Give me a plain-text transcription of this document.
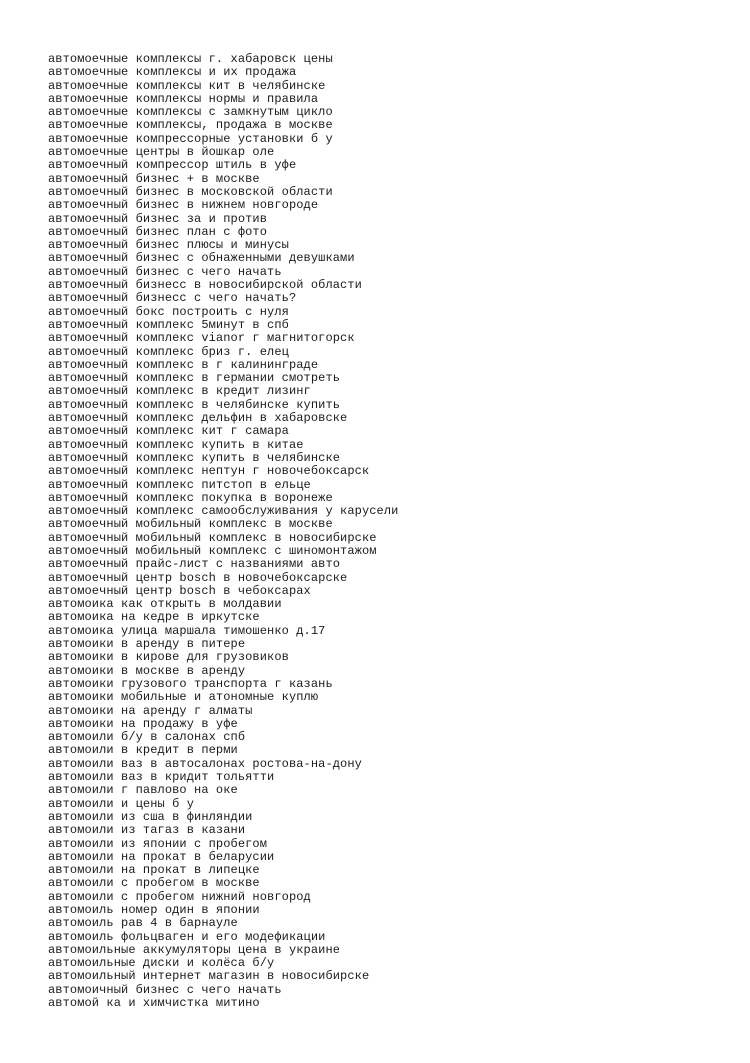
автомоечные комплексы г. хабаровск цены
автомоечные комплексы и их продажа
автомоечные комплексы кит в челябинске
автомоечные комплексы нормы и правила
автомоечные комплексы с замкнутым цикло
автомоечные комплексы, продажа в москве
автомоечные компрессорные установки б у
автомоечные центры в йошкар оле
автомоечный компрессор штиль в уфе
автомоечный бизнес + в москве
автомоечный бизнес в московской области
автомоечный бизнес в нижнем новгороде
автомоечный бизнес за и против
автомоечный бизнес план с фото
автомоечный бизнес плюсы и минусы
автомоечный бизнес с обнаженными девушками
автомоечный бизнес с чего начать
автомоечный бизнесс в новосибирской области
автомоечный бизнесс с чего начать?
автомоечный бокс построить с нуля
автомоечный комплекс 5минут в спб
автомоечный комплекс vianor г магнитогорск
автомоечный комплекс бриз г. елец
автомоечный комплекс в г калининграде
автомоечный комплекс в германии смотреть
автомоечный комплекс в кредит лизинг
автомоечный комплекс в челябинске купить
автомоечный комплекс дельфин в хабаровске
автомоечный комплекс кит г самара
автомоечный комплекс купить в китае
автомоечный комплекс купить в челябинске
автомоечный комплекс нептун г новочебоксарск
автомоечный комплекс питстоп в ельце
автомоечный комплекс покупка в воронеже
автомоечный комплекс самообслуживания у карусели
автомоечный мобильный комплекс в москве
автомоечный мобильный комплекс в новосибирске
автомоечный мобильный комплекс с шиномонтажом
автомоечный прайс-лист с названиями авто
автомоечный центр bosch в новочебоксарске
автомоечный центр bosch в чебоксарах
автомоика как открыть в молдавии
автомоика на кедре в иркутске
автомоика улица маршала тимошенко д.17
автомоики в аренду в питере
автомоики в кирове для грузовиков
автомоики в москве в аренду
автомоики грузового транспорта г казань
автомоики мобильные и атономные куплю
автомоики на аренду г алматы
автомоики на продажу в уфе
автомоили б/у в салонах спб
автомоили в кредит в перми
автомоили ваз в автосалонах ростова-на-дону
автомоили ваз в кридит тольятти
автомоили г павлово на оке
автомоили и цены б у
автомоили из сша в финляндии
автомоили из тагаз в казани
автомоили из японии с пробегом
автомоили на прокат в беларусии
автомоили на прокат в липецке
автомоили с пробегом в москве
автомоили с пробегом нижний новгород
автомоиль номер один в японии
автомоиль рав 4 в барнауле
автомоиль фольцваген и его модефикации
автомоильные аккумуляторы цена в украине
автомоильные диски и колёса б/у
автомоильный интернет магазин в новосибирске
автомоичный бизнес с чего начать
автомой ка и химчистка митино
